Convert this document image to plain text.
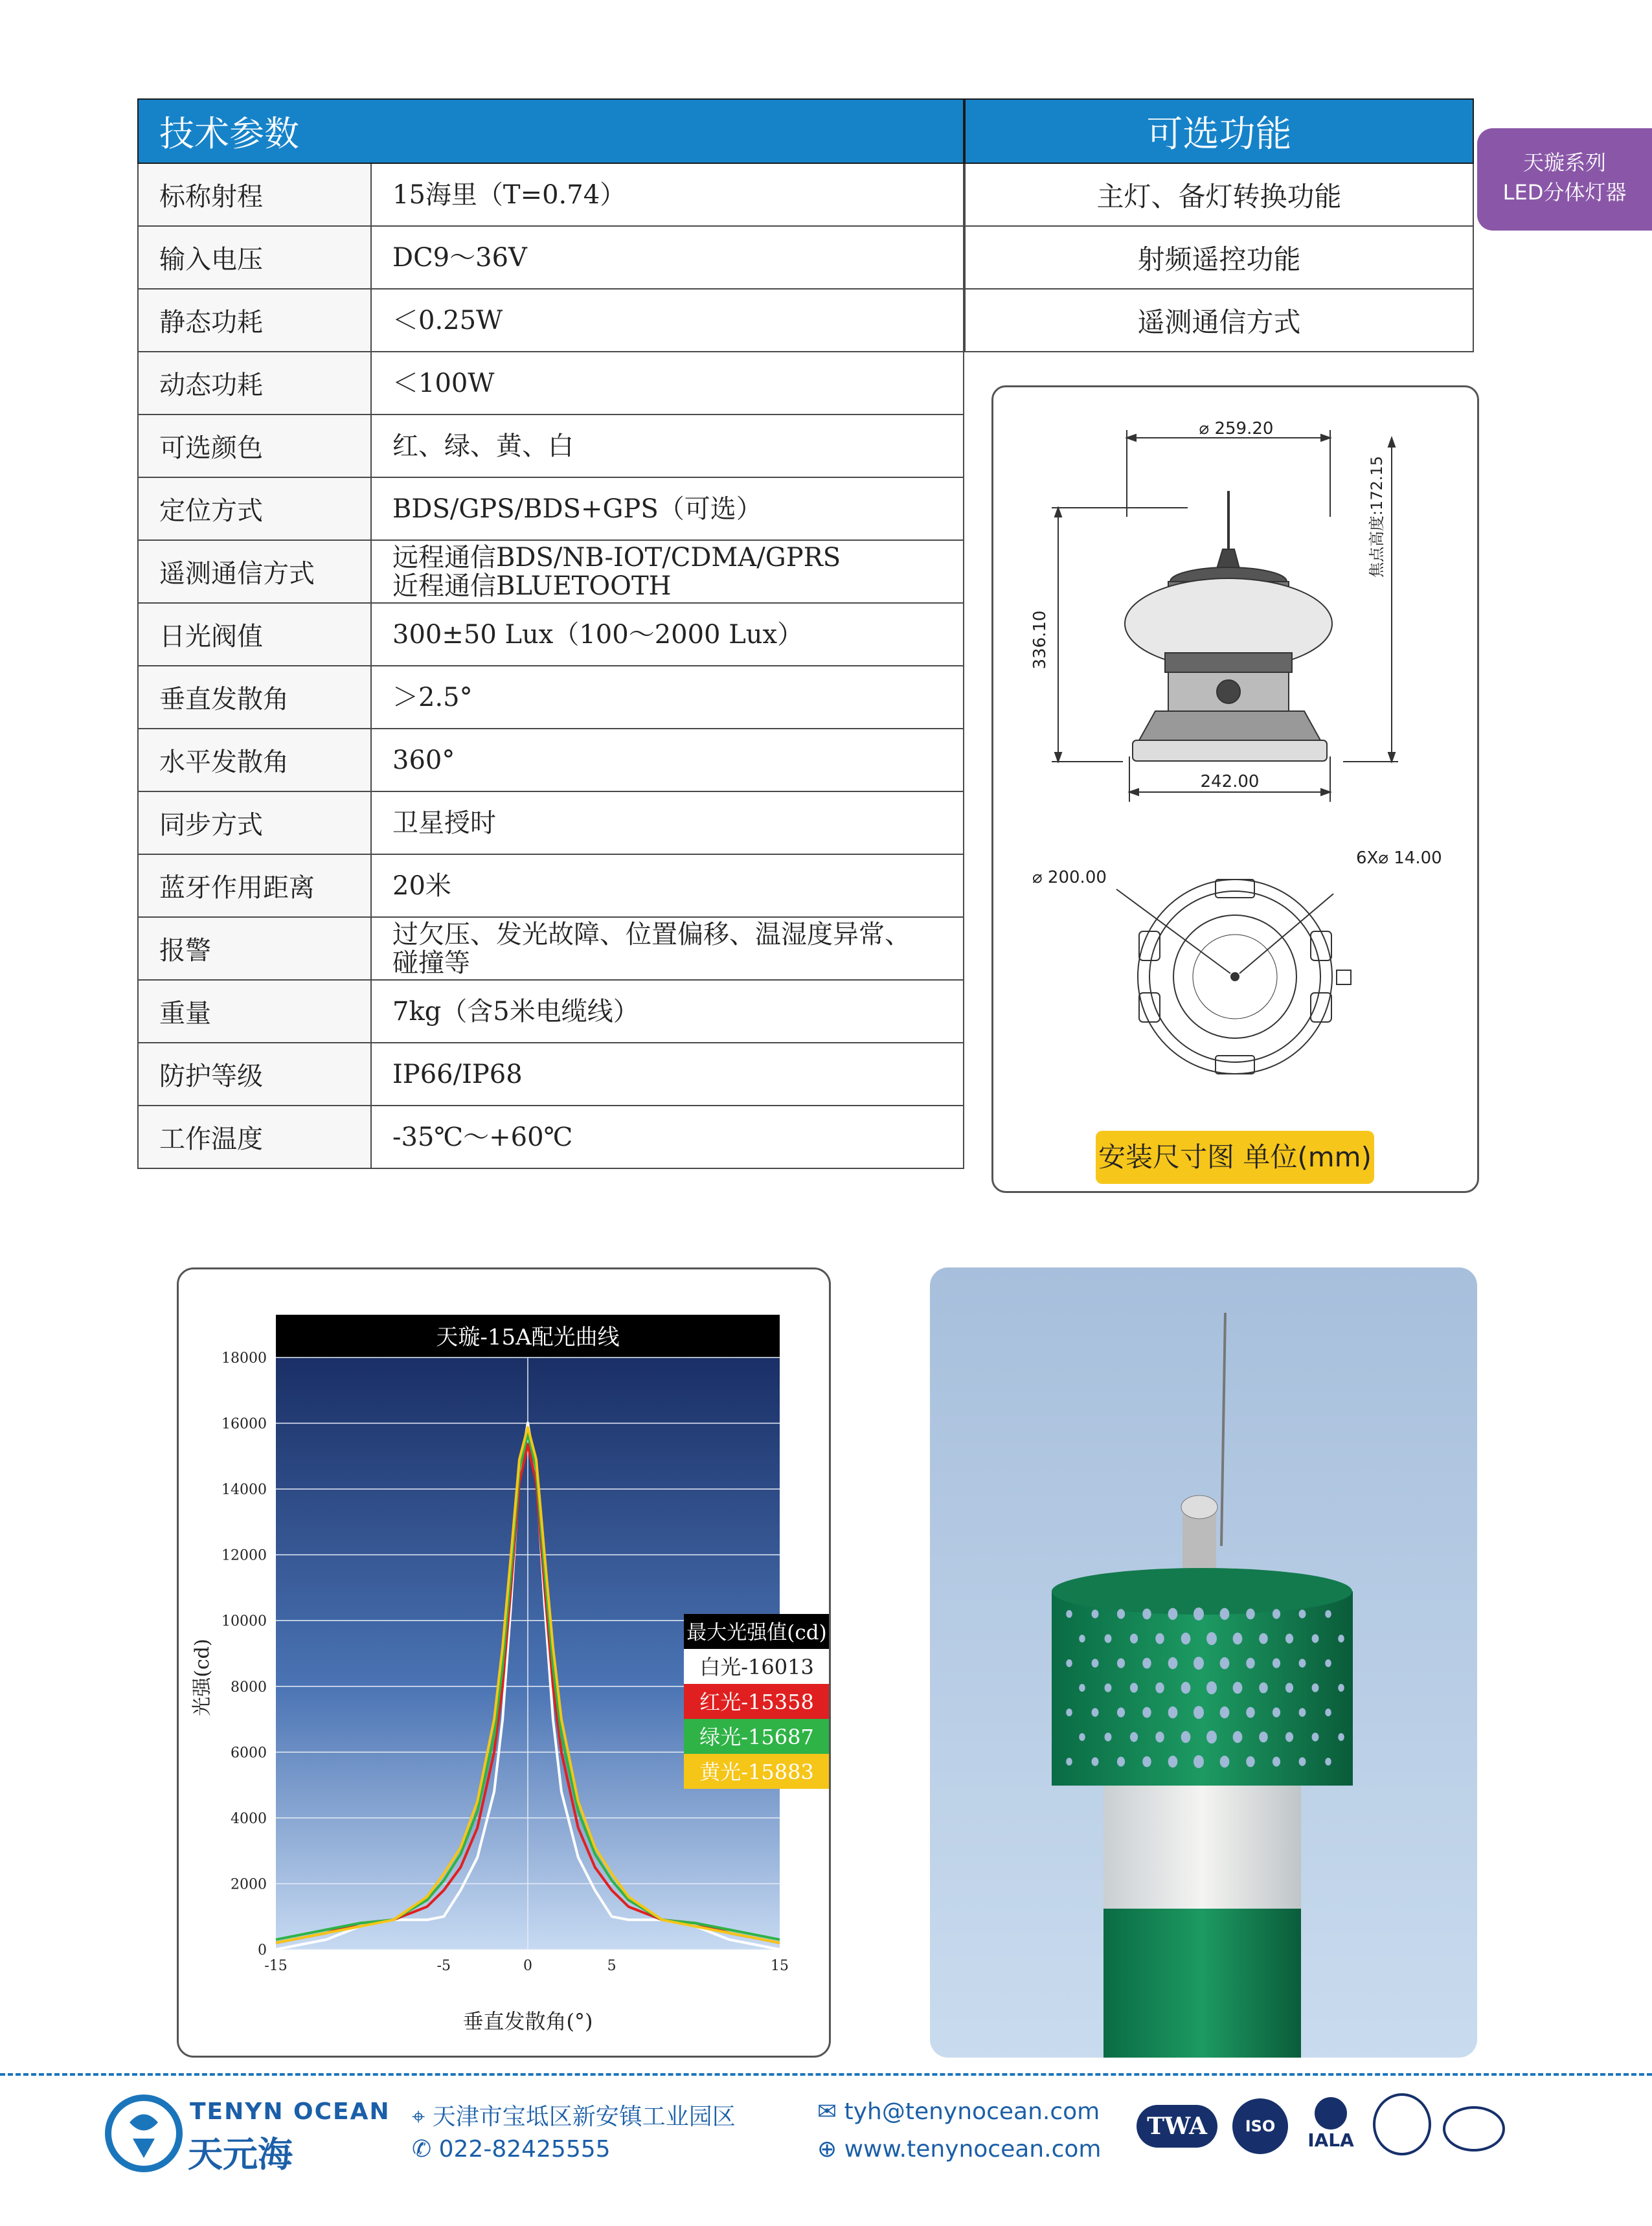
技术参数	
标称射程	15海里（T=0.74）

输入电压	DC9～36V

静态功耗	＜0.25W

动态功耗	＜100W

可选颜色	红、绿、黄、白

定位方式	BDS/GPS/BDS+GPS（可选）

遥测通信方式	远程通信BDS/NB-IOT/CDMA/GPRS
近程通信BLUETOOTH

日光阀值	300±50 Lux（100～2000 Lux）

垂直发散角	＞2.5°

水平发散角	360°

同步方式	卫星授时

蓝牙作用距离	20米

报警	过欠压、发光故障、位置偏移、温湿度异常、
碰撞等

重量	7kg（含5米电缆线）

防护等级	IP66/IP68

工作温度	-35℃～+60℃
可选功能
主灯、备灯转换功能
射频遥控功能
遥测通信方式
天璇系列
LED分体灯器
⌀ 259.20
336.10
焦点高度:172.15
242.00
⌀ 200.00
6X⌀ 14.00
安装尺寸图 单位(mm)
天璇-15A配光曲线
0
2000
4000
6000
8000
10000
12000
14000
16000
18000
-15	-5	0	5	15
光强(cd)
垂直发散角(°)
最大光强值(cd)
白光-16013
红光-15358
绿光-15687
黄光-15883
TENYN OCEAN
天元海
⌖ 天津市宝坻区新安镇工业园区
✆ 022-82425555
✉ tyh@tenynocean.com
⊕ www.tenynocean.com
TWA	ISO
IALA
